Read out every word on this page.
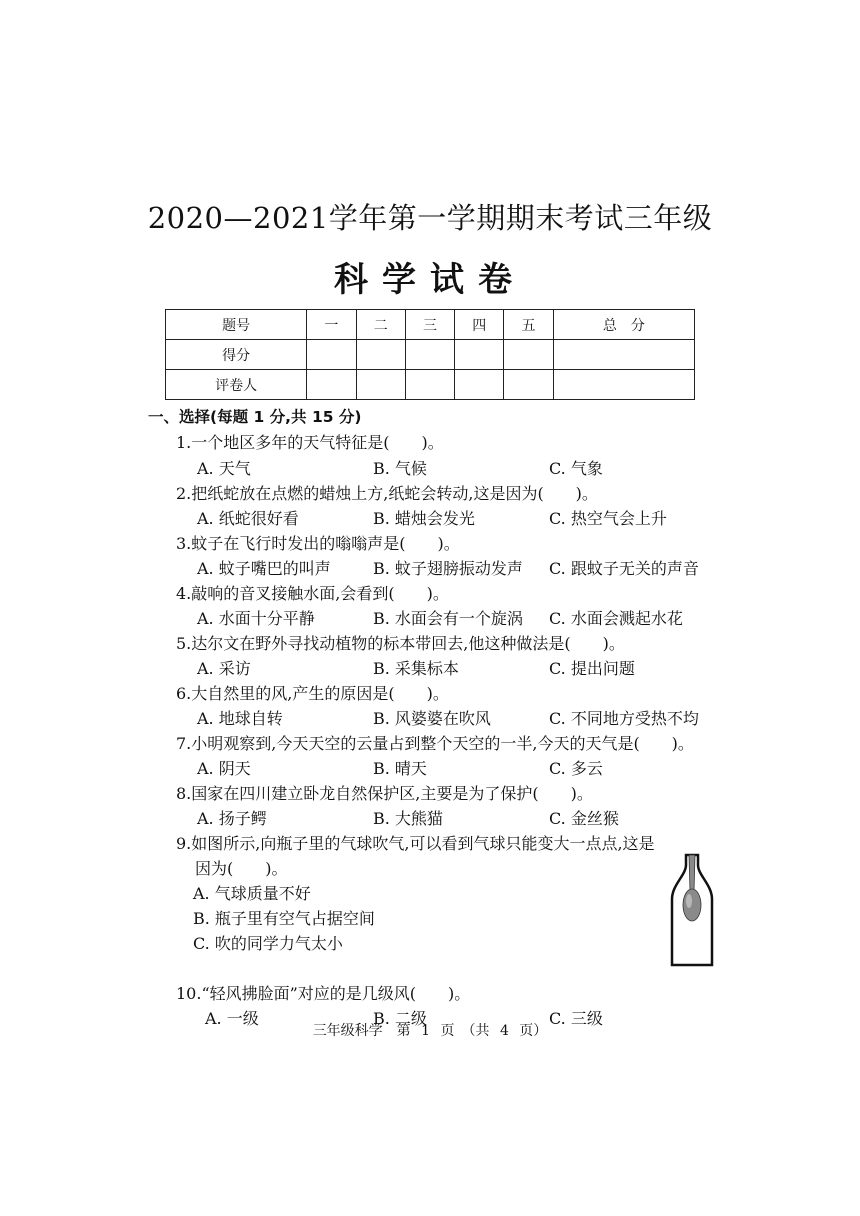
2020—2021学年第一学期期末考试三年级
科学试卷
题号	一	二	三	四	五	总　分
得分						
评卷人						
一、选择(每题 1 分,共 15 分)
1.一个地区多年的天气特征是(　　)。
A. 天气	B. 气候	C. 气象
2.把纸蛇放在点燃的蜡烛上方,纸蛇会转动,这是因为(　　)。
A. 纸蛇很好看	B. 蜡烛会发光	C. 热空气会上升
3.蚊子在飞行时发出的嗡嗡声是(　　)。
A. 蚊子嘴巴的叫声	B. 蚊子翅膀振动发声 C. 跟蚊子无关的声音
4.敲响的音叉接触水面,会看到(　　)。
A. 水面十分平静	B. 水面会有一个旋涡 C. 水面会溅起水花
5.达尔文在野外寻找动植物的标本带回去,他这种做法是(　　)。
A. 采访	B. 采集标本	C. 提出问题
6.大自然里的风,产生的原因是(　　)。
A. 地球自转	B. 风婆婆在吹风	C. 不同地方受热不均
7.小明观察到,今天天空的云量占到整个天空的一半,今天的天气是(　　)。
A. 阴天	B. 晴天	C. 多云
8.国家在四川建立卧龙自然保护区,主要是为了保护(　　)。
A. 扬子鳄	B. 大熊猫	C. 金丝猴
9.如图所示,向瓶子里的气球吹气,可以看到气球只能变大一点点,这是
因为(　　)。
A. 气球质量不好
B. 瓶子里有空气占据空间
C. 吹的同学力气太小
10.“轻风拂脸面”对应的是几级风(　　)。
A. 一级	B. 二级	C. 三级
三年级科学　第 1 页　（共 4 页）
